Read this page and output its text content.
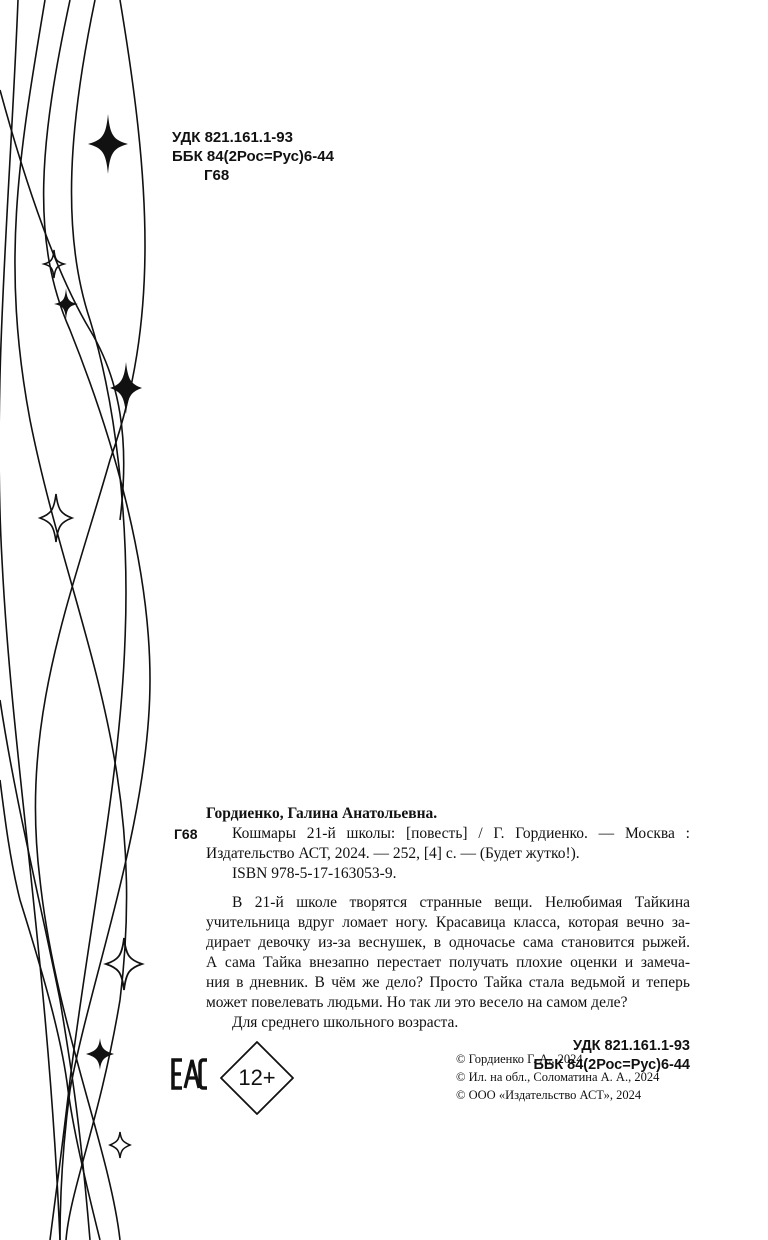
УДК 821.161.1-93
ББК 84(2Рос=Рус)6-44
Г68

Гордиенко, Галина Анатольевна.

Г68	Кошмары 21-й школы: [повесть] / Г. Гордиенко. — Москва :

Издательство АСТ, 2024. — 252, [4] с. — (Будет жутко!).

ISBN 978-5-17-163053-9.

В 21-й школе творятся странные вещи. Нелюбимая Тайкина

учительница вдруг ломает ногу. Красавица класса, которая вечно за-

дирает девочку из-за веснушек, в одночасье сама становится рыжей.

А сама Тайка внезапно перестает получать плохие оценки и замеча-

ния в дневник. В чём же дело? Просто Тайка стала ведьмой и теперь

может повелевать людьми. Но так ли это весело на самом деле?

Для среднего школьного возраста.

УДК 821.161.1-93
ББК 84(2Рос=Рус)6-44
12+
© Гордиенко Г. А., 2024
© Ил. на обл., Соломатина А. А., 2024
© ООО «Издательство АСТ», 2024
